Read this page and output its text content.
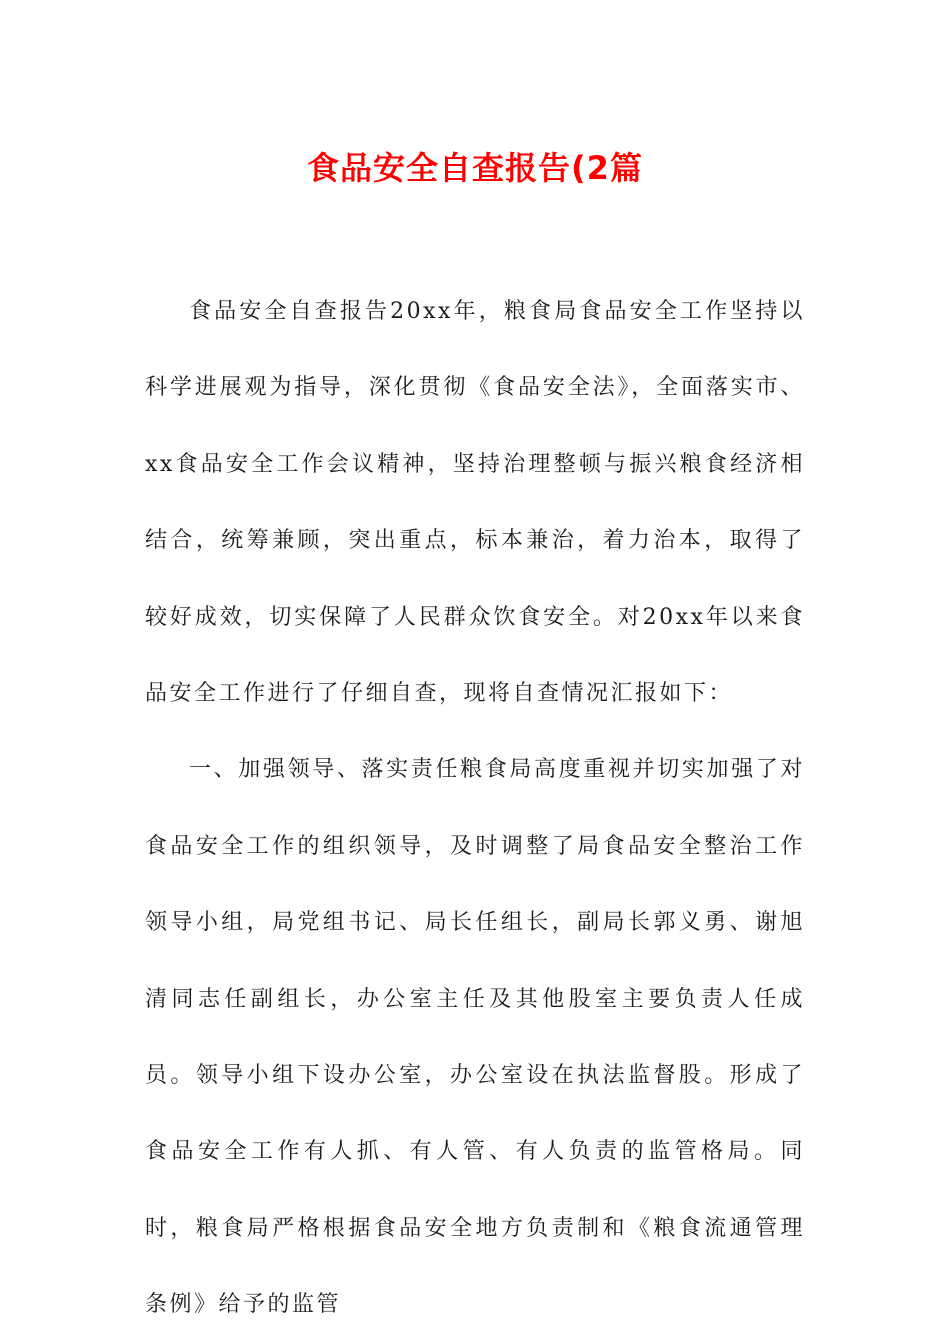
食品安全自查报告(2篇

食品安全自查报告20xx年，粮食局食品安全工作坚持以科学进展观为指导，深化贯彻《食品安全法》，全面落实市、xx食品安全工作会议精神，坚持治理整顿与振兴粮食经济相结合，统筹兼顾，突出重点，标本兼治，着力治本，取得了较好成效，切实保障了人民群众饮食安全。对20xx年以来食品安全工作进行了仔细自查，现将自查情况汇报如下：

一、加强领导、落实责任粮食局高度重视并切实加强了对食品安全工作的组织领导，及时调整了局食品安全整治工作领导小组，局党组书记、局长任组长，副局长郭义勇、谢旭清同志任副组长，办公室主任及其他股室主要负责人任成员。领导小组下设办公室，办公室设在执法监督股。形成了食品安全工作有人抓、有人管、有人负责的监管格局。同时，粮食局严格根据食品安全地方负责制和《粮食流通管理条例》给予的监管
